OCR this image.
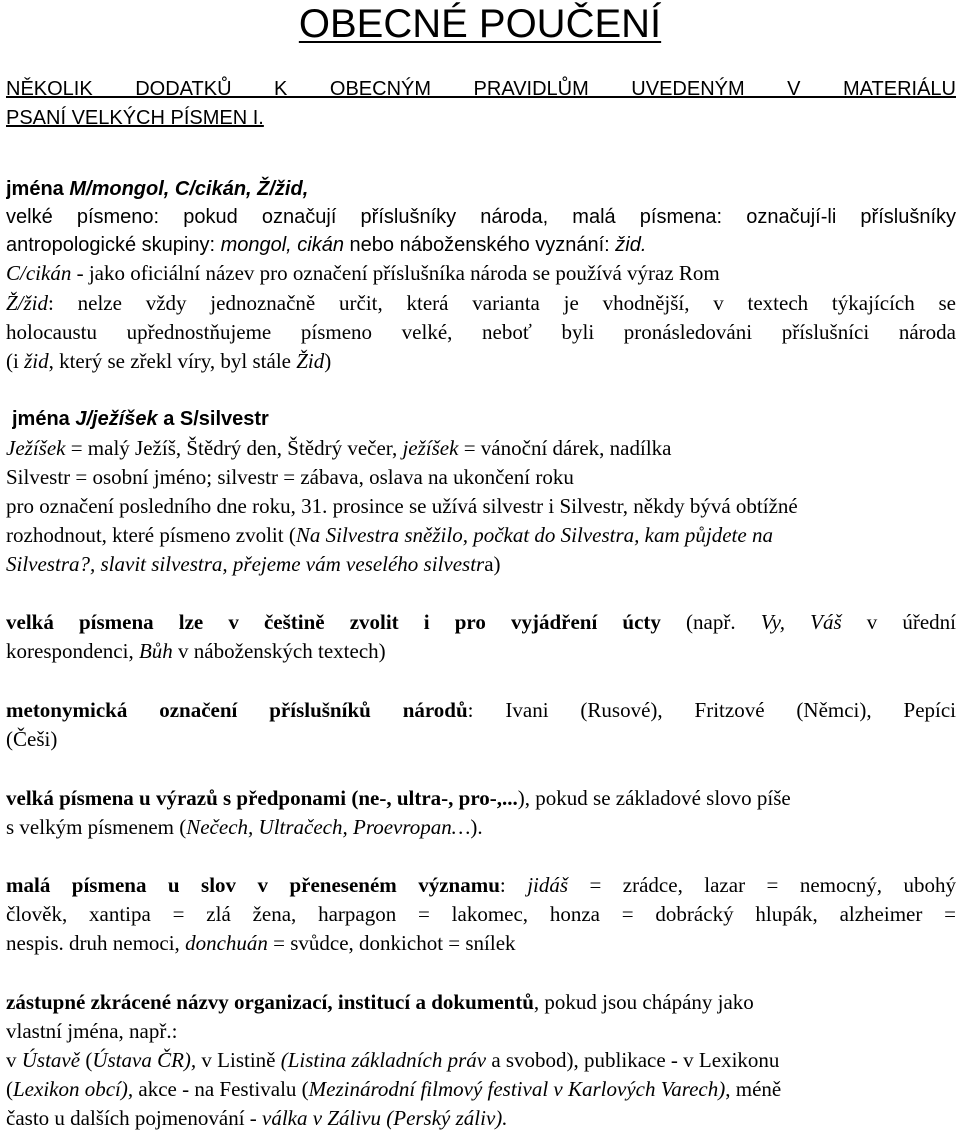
OBECNÉ POUČENÍ
NĚKOLIK DODATKŮ K OBECNÝM PRAVIDLŮM UVEDENÝM V MATERIÁLU
PSANÍ VELKÝCH PÍSMEN I.
jména M/mongol, C/cikán, Ž/žid,
velké písmeno: pokud označují příslušníky národa, malá písmena: označují-li příslušníky
antropologické skupiny: mongol, cikán nebo náboženského vyznání: žid.
C/cikán - jako oficiální název pro označení příslušníka národa se používá výraz Rom
Ž/žid: nelze vždy jednoznačně určit, která varianta je vhodnější, v textech týkajících se
holocaustu upřednostňujeme písmeno velké, neboť byli pronásledováni příslušníci národa
(i žid, který se zřekl víry, byl stále Žid)
jména J/ježíšek a S/silvestr
Ježíšek = malý Ježíš, Štědrý den, Štědrý večer, ježíšek = vánoční dárek, nadílka
Silvestr = osobní jméno; silvestr = zábava, oslava na ukončení roku
pro označení posledního dne roku, 31. prosince se užívá silvestr i Silvestr, někdy bývá obtížné
rozhodnout, které písmeno zvolit (Na Silvestra sněžilo, počkat do Silvestra, kam půjdete na
Silvestra?, slavit silvestra, přejeme vám veselého silvestra)
velká písmena lze v češtině zvolit i pro vyjádření úcty (např. Vy, Váš v úřední
korespondenci, Bůh v náboženských textech)
metonymická označení příslušníků národů: Ivani (Rusové), Fritzové (Němci), Pepíci
(Češi)
velká písmena u výrazů s předponami (ne-, ultra-, pro-,...), pokud se základové slovo píše
s velkým písmenem (Nečech, Ultračech, Proevropan…).
malá písmena u slov v přeneseném významu: jidáš = zrádce, lazar = nemocný, ubohý
člověk, xantipa = zlá žena, harpagon = lakomec, honza = dobrácký hlupák, alzheimer =
nespis. druh nemoci, donchuán = svůdce, donkichot = snílek
zástupné zkrácené názvy organizací, institucí a dokumentů, pokud jsou chápány jako
vlastní jména, např.:
v Ústavě (Ústava ČR), v Listině (Listina základních práv a svobod), publikace - v Lexikonu
(Lexikon obcí), akce - na Festivalu (Mezinárodní filmový festival v Karlových Varech), méně
často u dalších pojmenování - válka v Zálivu (Perský záliv).
